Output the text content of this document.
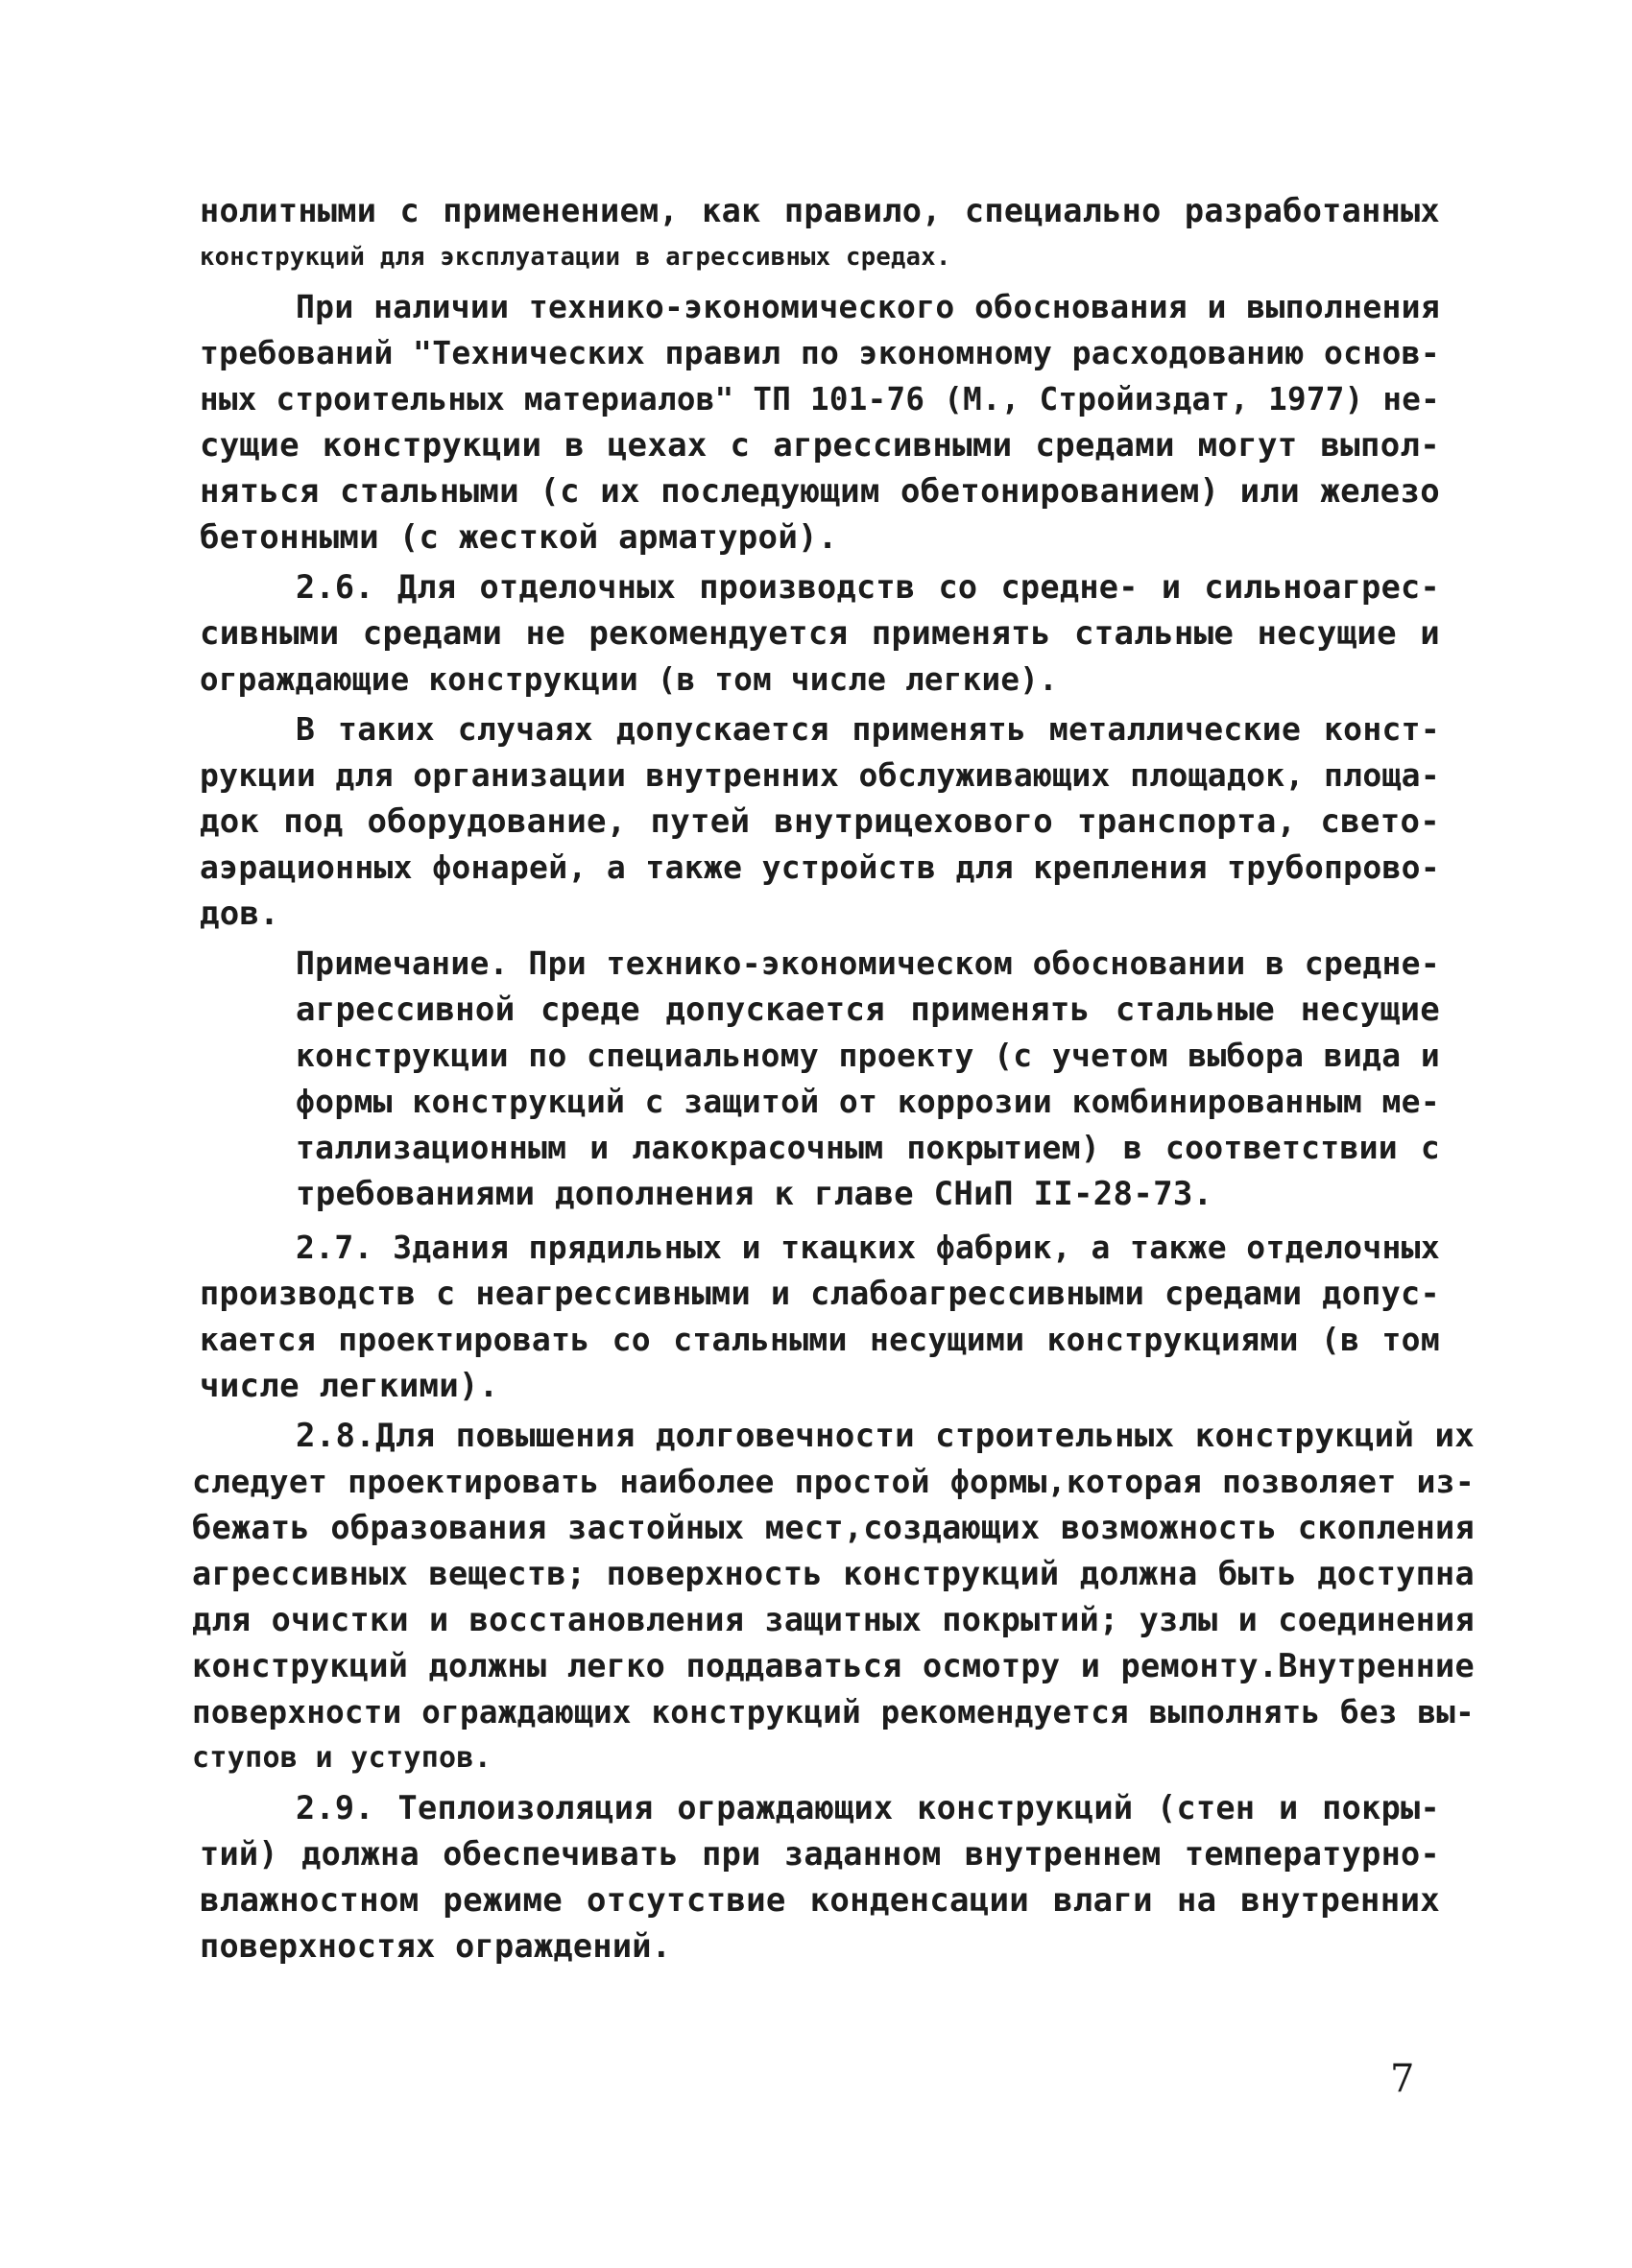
нолитными с применением, как правило, специально разработанных
конструкций для эксплуатации в агрессивных средах.
При наличии технико-экономического обоснования и выполнения
требований "Технических правил по экономному расходованию основ-
ных строительных материалов" ТП 101-76 (М., Стройиздат, 1977) не-
сущие конструкции в цехах с агрессивными средами могут выпол-
няться стальными (с их последующим обетонированием) или железо
бетонными (с жесткой арматурой).
2.6. Для отделочных производств со средне- и сильноагрес-
сивными средами не рекомендуется применять стальные несущие и
ограждающие конструкции (в том числе легкие).
В таких случаях допускается применять металлические конст-
рукции для организации внутренних обслуживающих площадок, площа-
док под оборудование, путей внутрицехового транспорта, свето-
аэрационных фонарей, а также устройств для крепления трубопрово-
дов.
Примечание. При технико-экономическом обосновании в средне-
агрессивной среде допускается применять стальные несущие
конструкции по специальному проекту (с учетом выбора вида и
формы конструкций с защитой от коррозии комбинированным ме-
таллизационным и лакокрасочным покрытием) в соответствии с
требованиями дополнения к главе СНиП II-28-73.
2.7. Здания прядильных и ткацких фабрик, а также отделочных
производств с неагрессивными и слабоагрессивными средами допус-
кается проектировать со стальными несущими конструкциями (в том
числе легкими).
2.8.Для повышения долговечности строительных конструкций их
следует проектировать наиболее простой формы,которая позволяет из-
бежать образования застойных мест,создающих возможность скопления
агрессивных веществ; поверхность конструкций должна быть доступна
для очистки и восстановления защитных покрытий; узлы и соединения
конструкций должны легко поддаваться осмотру и ремонту.Внутренние
поверхности ограждающих конструкций рекомендуется выполнять без вы-
ступов и уступов.
2.9. Теплоизоляция ограждающих конструкций (стен и покры-
тий) должна обеспечивать при заданном внутреннем температурно-
влажностном режиме отсутствие конденсации влаги на внутренних
поверхностях ограждений.
7
